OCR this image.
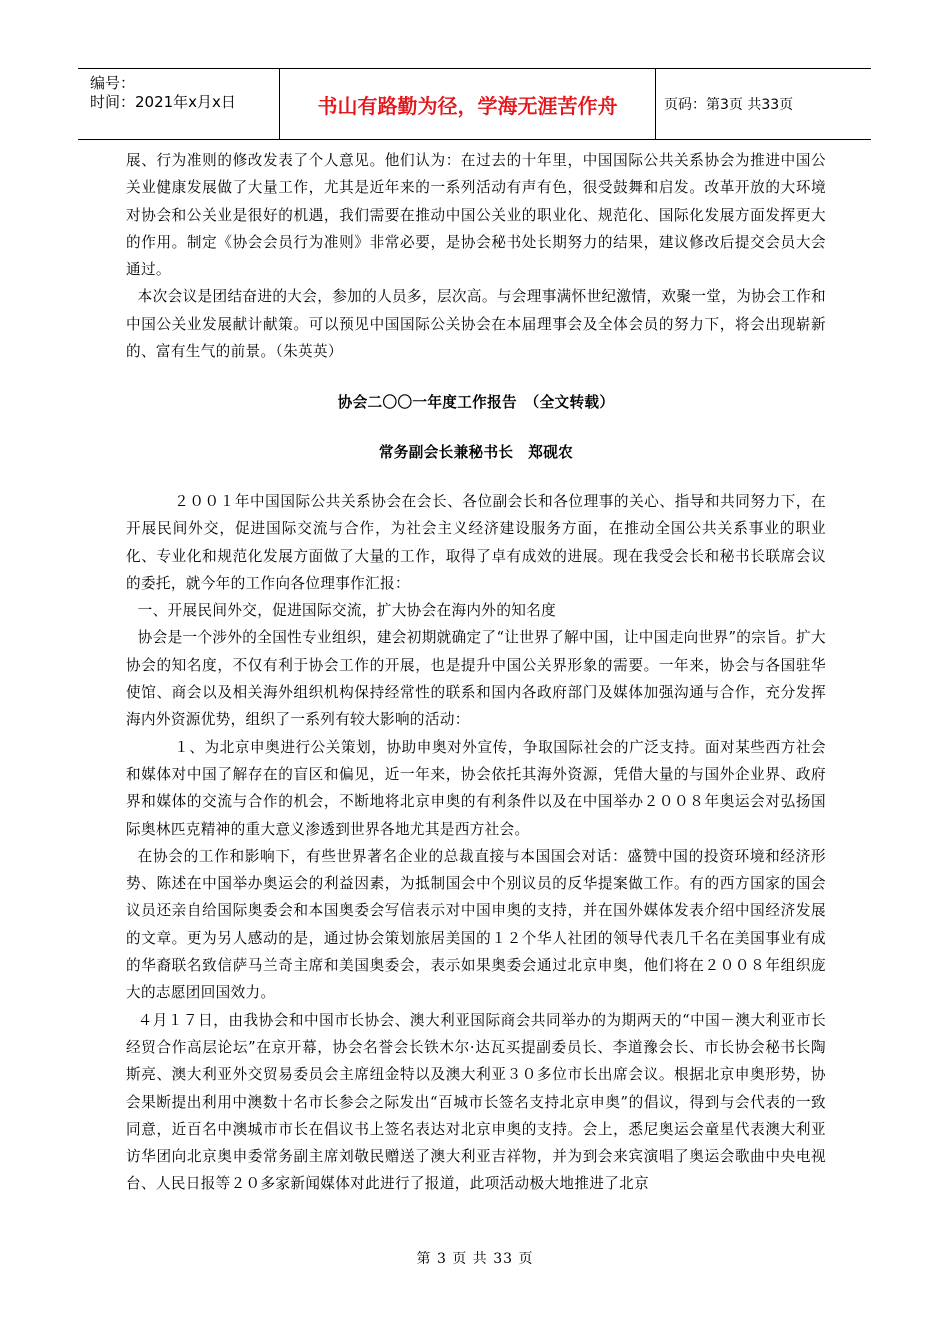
编号：
时间：2021年x月x日	书山有路勤为径，学海无涯苦作舟	页码：第3页 共33页

展、行为准则的修改发表了个人意见。他们认为：在过去的十年里，中国国际公共关系协会为推进中国公关业健康发展做了大量工作，尤其是近年来的一系列活动有声有色，很受鼓舞和启发。改革开放的大环境对协会和公关业是很好的机遇，我们需要在推动中国公关业的职业化、规范化、国际化发展方面发挥更大的作用。制定《协会会员行为准则》非常必要，是协会秘书处长期努力的结果，建议修改后提交会员大会通过。

本次会议是团结奋进的大会，参加的人员多，层次高。与会理事满怀世纪激情，欢聚一堂，为协会工作和中国公关业发展献计献策。可以预见中国国际公关协会在本届理事会及全体会员的努力下，将会出现崭新的、富有生气的前景。（朱英英）

协会二〇〇一年度工作报告　（全文转载）

常务副会长兼秘书长　郑砚农

２００１年中国国际公共关系协会在会长、各位副会长和各位理事的关心、指导和共同努力下，在开展民间外交，促进国际交流与合作，为社会主义经济建设服务方面，在推动全国公共关系事业的职业化、专业化和规范化发展方面做了大量的工作，取得了卓有成效的进展。现在我受会长和秘书长联席会议的委托，就今年的工作向各位理事作汇报：

一、开展民间外交，促进国际交流，扩大协会在海内外的知名度

协会是一个涉外的全国性专业组织，建会初期就确定了“让世界了解中国，让中国走向世界”的宗旨。扩大协会的知名度，不仅有利于协会工作的开展，也是提升中国公关界形象的需要。一年来，协会与各国驻华使馆、商会以及相关海外组织机构保持经常性的联系和国内各政府部门及媒体加强沟通与合作，充分发挥海内外资源优势，组织了一系列有较大影响的活动：

１、为北京申奥进行公关策划，协助申奥对外宣传，争取国际社会的广泛支持。面对某些西方社会和媒体对中国了解存在的盲区和偏见，近一年来，协会依托其海外资源，凭借大量的与国外企业界、政府界和媒体的交流与合作的机会，不断地将北京申奥的有利条件以及在中国举办２００８年奥运会对弘扬国际奥林匹克精神的重大意义渗透到世界各地尤其是西方社会。

在协会的工作和影响下，有些世界著名企业的总裁直接与本国国会对话：盛赞中国的投资环境和经济形势、陈述在中国举办奥运会的利益因素，为抵制国会中个别议员的反华提案做工作。有的西方国家的国会议员还亲自给国际奥委会和本国奥委会写信表示对中国申奥的支持，并在国外媒体发表介绍中国经济发展的文章。更为另人感动的是，通过协会策划旅居美国的１２个华人社团的领导代表几千名在美国事业有成的华裔联名致信萨马兰奇主席和美国奥委会，表示如果奥委会通过北京申奥，他们将在２００８年组织庞大的志愿团回国效力。

４月１７日，由我协会和中国市长协会、澳大利亚国际商会共同举办的为期两天的“中国－澳大利亚市长经贸合作高层论坛”在京开幕，协会名誉会长铁木尔·达瓦买提副委员长、李道豫会长、市长协会秘书长陶斯亮、澳大利亚外交贸易委员会主席纽金特以及澳大利亚３０多位市长出席会议。根据北京申奥形势，协会果断提出利用中澳数十名市长参会之际发出“百城市长签名支持北京申奥”的倡议，得到与会代表的一致同意，近百名中澳城市市长在倡议书上签名表达对北京申奥的支持。会上，悉尼奥运会童星代表澳大利亚访华团向北京奥申委常务副主席刘敬民赠送了澳大利亚吉祥物，并为到会来宾演唱了奥运会歌曲中央电视台、人民日报等２０多家新闻媒体对此进行了报道，此项活动极大地推进了北京

第 3 页 共 33 页
